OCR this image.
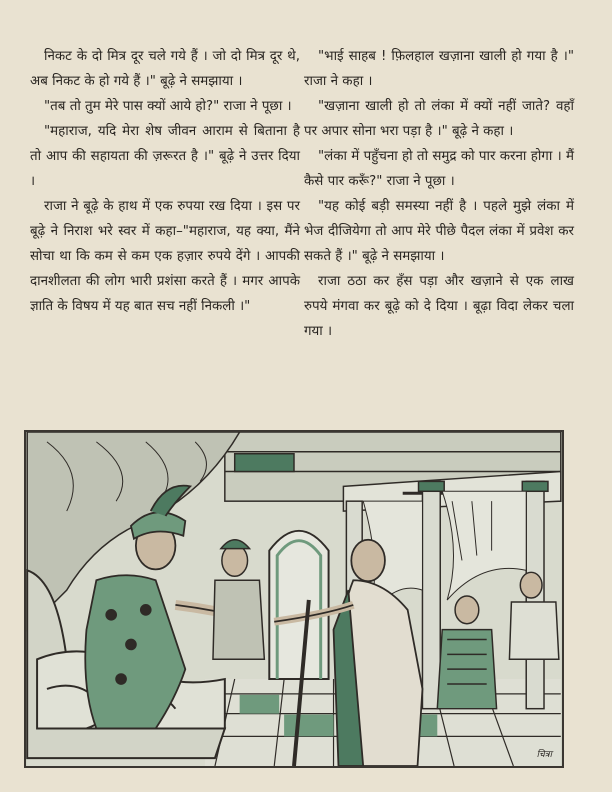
निकट के दो मित्र दूर चले गये हैं । जो दो मित्र दूर थे, अब निकट के हो गये हैं ।" बूढ़े ने समझाया ।

"तब तो तुम मेरे पास क्यों आये हो?" राजा ने पूछा ।

"महाराज, यदि मेरा शेष जीवन आराम से बिताना है तो आप की सहायता की ज़रूरत है ।" बूढ़े ने उत्तर दिया ।

राजा ने बूढ़े के हाथ में एक रुपया रख दिया । इस पर बूढ़े ने निराश भरे स्वर में कहा–"महाराज, यह क्या, मैंने सोचा था कि कम से कम एक हज़ार रुपये देंगे । आपकी दानशीलता की लोग भारी प्रशंसा करते हैं । मगर आपके ज्ञाति के विषय में यह बात सच नहीं निकली ।"

"भाई साहब ! फ़िलहाल खज़ाना खाली हो गया है ।" राजा ने कहा ।

"खज़ाना खाली हो तो लंका में क्यों नहीं जाते? वहाँ पर अपार सोना भरा पड़ा है ।" बूढ़े ने कहा ।

"लंका में पहुँचना हो तो समुद्र को पार करना होगा । मैं कैसे पार करूँ?" राजा ने पूछा ।

"यह कोई बड़ी समस्या नहीं है । पहले मुझे लंका में भेज दीजियेगा तो आप मेरे पीछे पैदल लंका में प्रवेश कर सकते हैं ।" बूढ़े ने समझाया ।

राजा ठठा कर हँस पड़ा और खज़ाने से एक लाख रुपये मंगवा कर बूढ़े को दे दिया । बूढ़ा विदा लेकर चला गया ।

चित्रा
